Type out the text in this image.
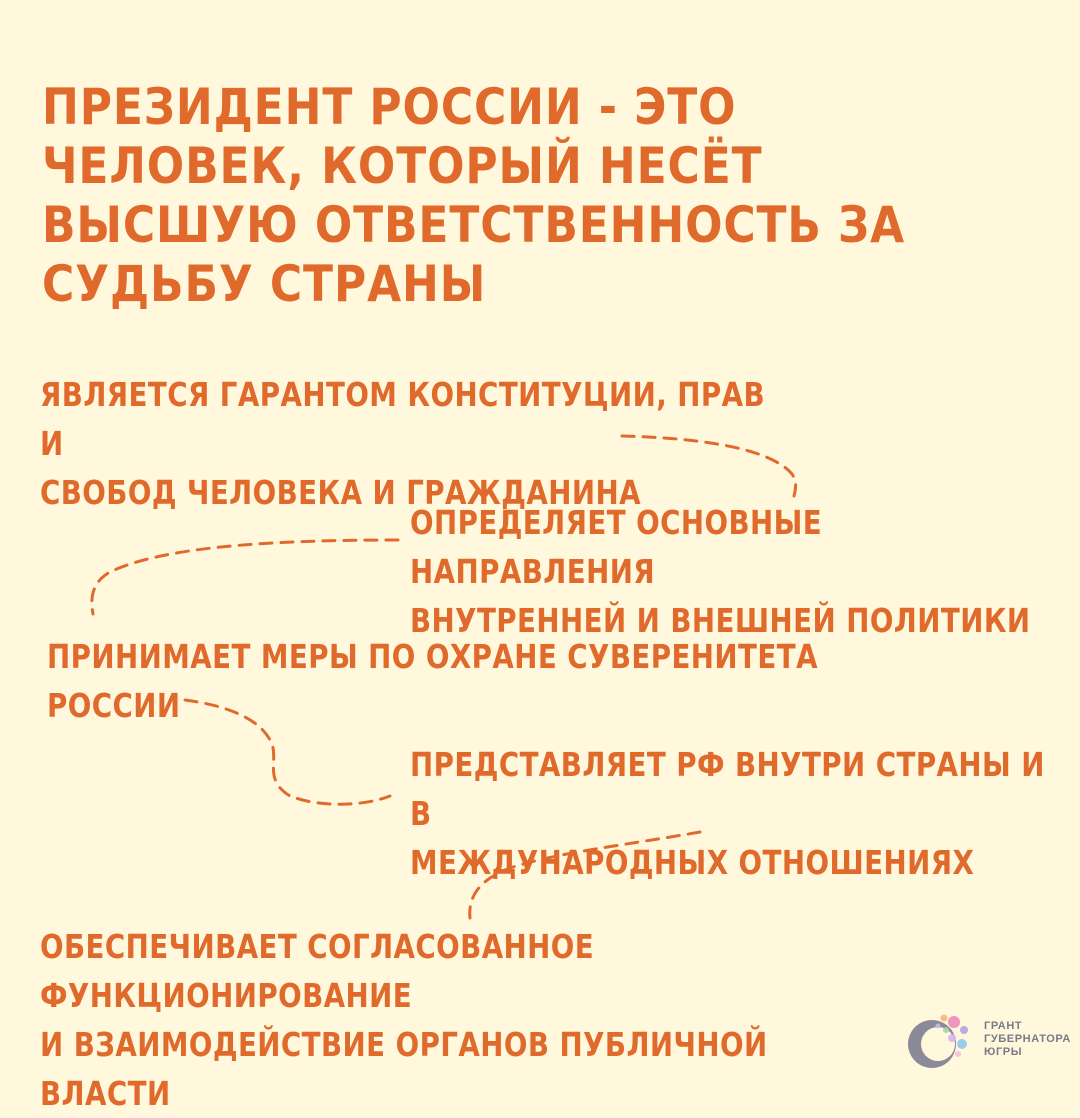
ПРЕЗИДЕНТ РОССИИ - ЭТО ЧЕЛОВЕК, КОТОРЫЙ НЕСЁТ ВЫСШУЮ ОТВЕТСТВЕННОСТЬ ЗА СУДЬБУ СТРАНЫ

ЯВЛЯЕТСЯ ГАРАНТОМ КОНСТИТУЦИИ, ПРАВ И
СВОБОД ЧЕЛОВЕКА И ГРАЖДАНИНА

ОПРЕДЕЛЯЕТ ОСНОВНЫЕ НАПРАВЛЕНИЯ
ВНУТРЕННЕЙ И ВНЕШНЕЙ ПОЛИТИКИ

ПРИНИМАЕТ МЕРЫ ПО ОХРАНЕ СУВЕРЕНИТЕТА
РОССИИ

ПРЕДСТАВЛЯЕТ РФ ВНУТРИ СТРАНЫ И В
МЕЖДУНАРОДНЫХ ОТНОШЕНИЯХ

ОБЕСПЕЧИВАЕТ СОГЛАСОВАННОЕ ФУНКЦИОНИРОВАНИЕ
И ВЗАИМОДЕЙСТВИЕ ОРГАНОВ ПУБЛИЧНОЙ
ВЛАСТИ

ГРАНТ
ГУБЕРНАТОРА
ЮГРЫ
